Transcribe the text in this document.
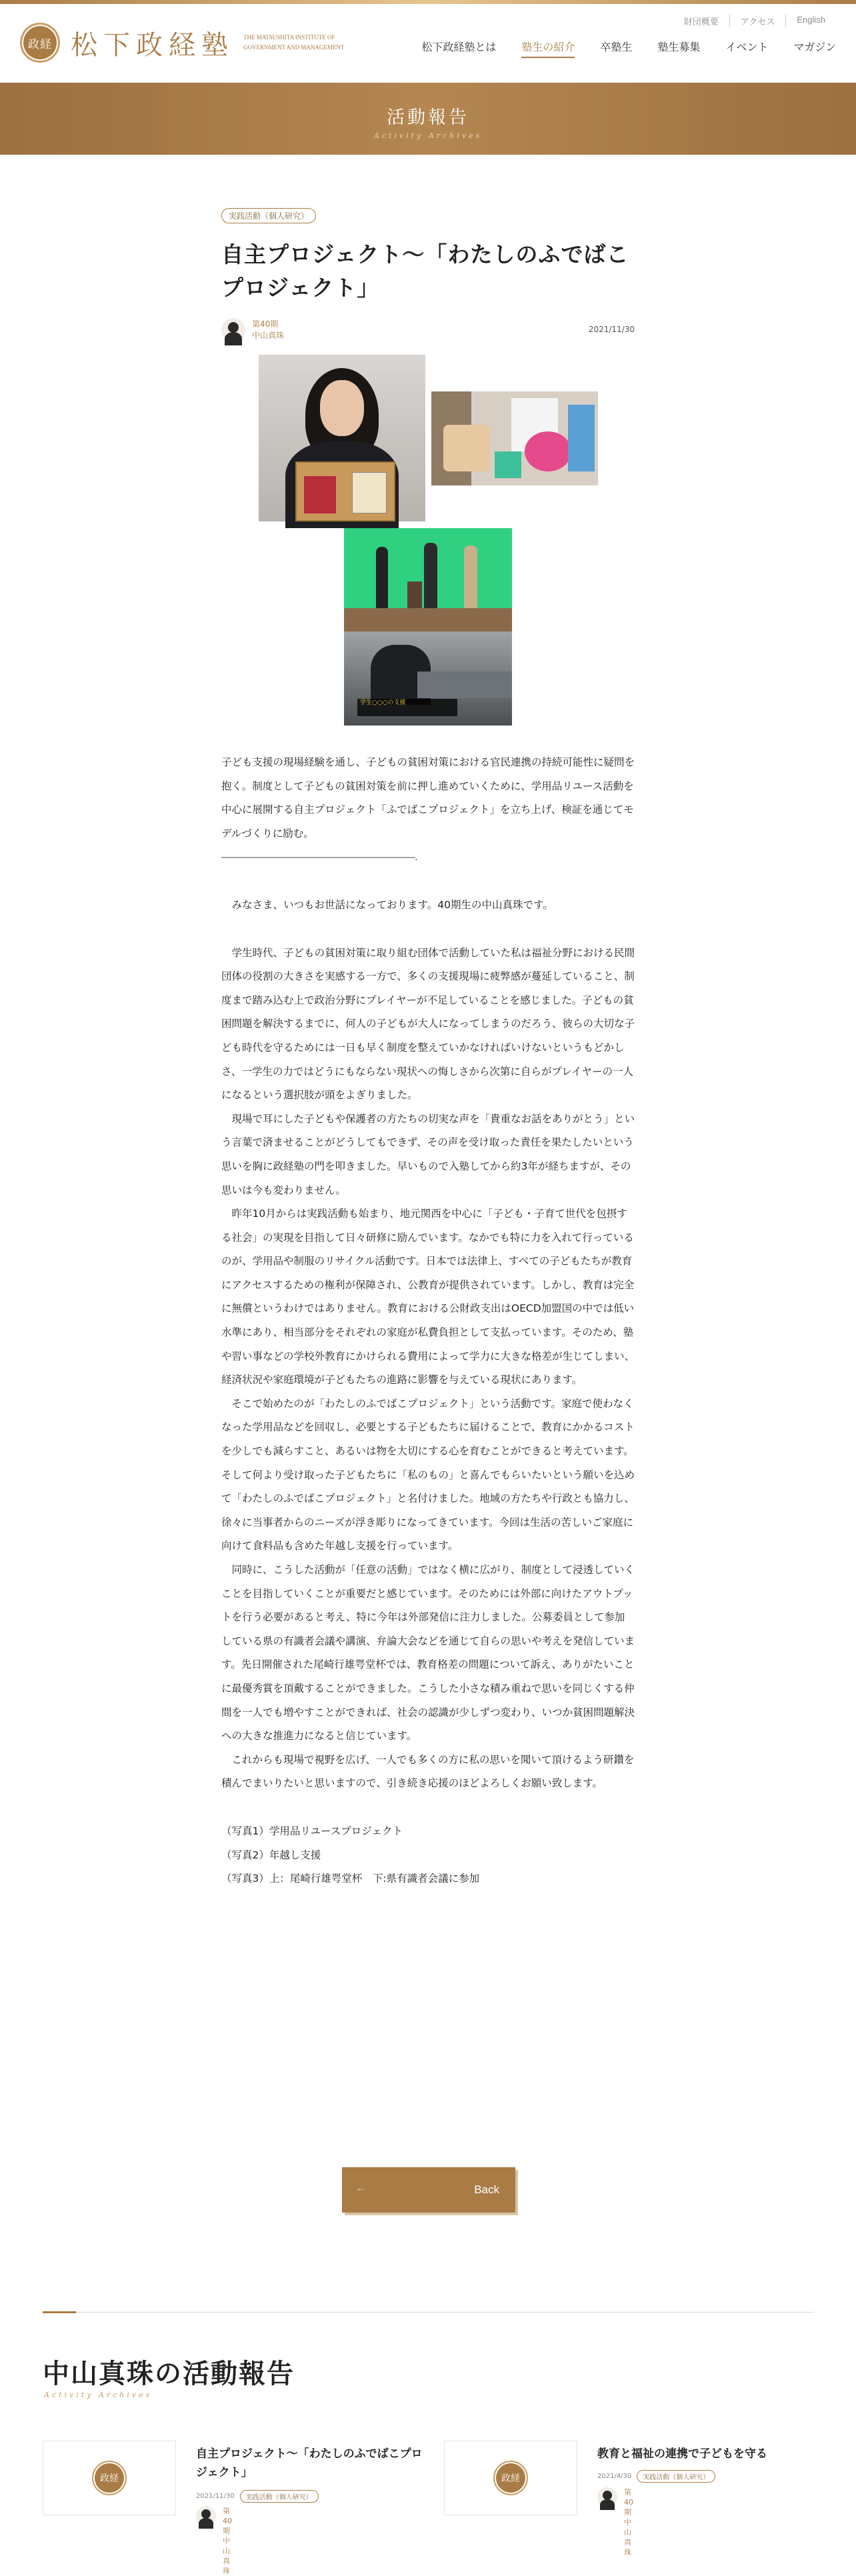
政経 松下政経塾 THE MATSUSHITA INSTITUTE OF
GOVERNMENT AND MANAGEMENT
財団概要	アクセス	English
松下政経塾とは 塾生の紹介 卒塾生 塾生募集 イベント マガジン
活動報告
Activity Archives
実践活動（個人研究）
自主プロジェクト〜「わたしのふでばこプロジェクト」
第40期
中山真珠
2021/11/30
学生○○○の支援

子ども支援の現場経験を通し、子どもの貧困対策における官民連携の持続可能性に疑問を抱く。制度として子どもの貧困対策を前に押し進めていくために、学用品リユース活動を中心に展開する自主プロジェクト「ふでばこプロジェクト」を立ち上げ、検証を通じてモデルづくりに励む。

――――――――――――――――――――.

　みなさま、いつもお世話になっております。40期生の中山真珠です。

　学生時代、子どもの貧困対策に取り組む団体で活動していた私は福祉分野における民間団体の役割の大きさを実感する一方で、多くの支援現場に疲弊感が蔓延していること、制度まで踏み込む上で政治分野にプレイヤーが不足していることを感じました。子どもの貧困問題を解決するまでに、何人の子どもが大人になってしまうのだろう、彼らの大切な子ども時代を守るためには一日も早く制度を整えていかなければいけないというもどかしさ、一学生の力ではどうにもならない現状への悔しさから次第に自らがプレイヤーの一人になるという選択肢が頭をよぎりました。

　現場で耳にした子どもや保護者の方たちの切実な声を「貴重なお話をありがとう」という言葉で済ませることがどうしてもできず、その声を受け取った責任を果たしたいという思いを胸に政経塾の門を叩きました。早いもので入塾してから約3年が経ちますが、その思いは今も変わりません。

　昨年10月からは実践活動も始まり、地元関西を中心に「子ども・子育て世代を包摂する社会」の実現を目指して日々研修に励んでいます。なかでも特に力を入れて行っているのが、学用品や制服のリサイクル活動です。日本では法律上、すべての子どもたちが教育にアクセスするための権利が保障され、公教育が提供されています。しかし、教育は完全に無償というわけではありません。教育における公財政支出はOECD加盟国の中では低い水準にあり、相当部分をそれぞれの家庭が私費負担として支払っています。そのため、塾や習い事などの学校外教育にかけられる費用によって学力に大きな格差が生じてしまい、経済状況や家庭環境が子どもたちの進路に影響を与えている現状にあります。

　そこで始めたのが「わたしのふでばこプロジェクト」という活動です。家庭で使わなくなった学用品などを回収し、必要とする子どもたちに届けることで、教育にかかるコストを少しでも減らすこと、あるいは物を大切にする心を育むことができると考えています。そして何より受け取った子どもたちに「私のもの」と喜んでもらいたいという願いを込めて「わたしのふでばこプロジェクト」と名付けました。地域の方たちや行政とも協力し、徐々に当事者からのニーズが浮き彫りになってきています。今回は生活の苦しいご家庭に向けて食料品も含めた年越し支援を行っています。

　同時に、こうした活動が「任意の活動」ではなく横に広がり、制度として浸透していくことを目指していくことが重要だと感じています。そのためには外部に向けたアウトプットを行う必要があると考え、特に今年は外部発信に注力しました。公募委員として参加している県の有識者会議や講演、弁論大会などを通じて自らの思いや考えを発信しています。先日開催された尾崎行雄咢堂杯では、教育格差の問題について訴え、ありがたいことに最優秀賞を頂戴することができました。こうした小さな積み重ねで思いを同じくする仲間を一人でも増やすことができれば、社会の認識が少しずつ変わり、いつか貧困問題解決への大きな推進力になると信じています。

　これからも現場で視野を広げ、一人でも多くの方に私の思いを聞いて頂けるよう研鑽を積んでまいりたいと思いますので、引き続き応援のほどよろしくお願い致します。

（写真1）学用品リユースプロジェクト

（写真2）年越し支援

（写真3）上：尾崎行雄咢堂杯　下:県有識者会議に参加

←	Back
中山真珠の活動報告
Activity Archives
政経
自主プロジェクト〜「わたしのふでばこプロジェクト」
2021/11/30	実践活動（個人研究）
第40期
中山真珠
政経
教育と福祉の連携で子どもを守る
2021/4/30	実践活動（個人研究）
第40期
中山真珠
